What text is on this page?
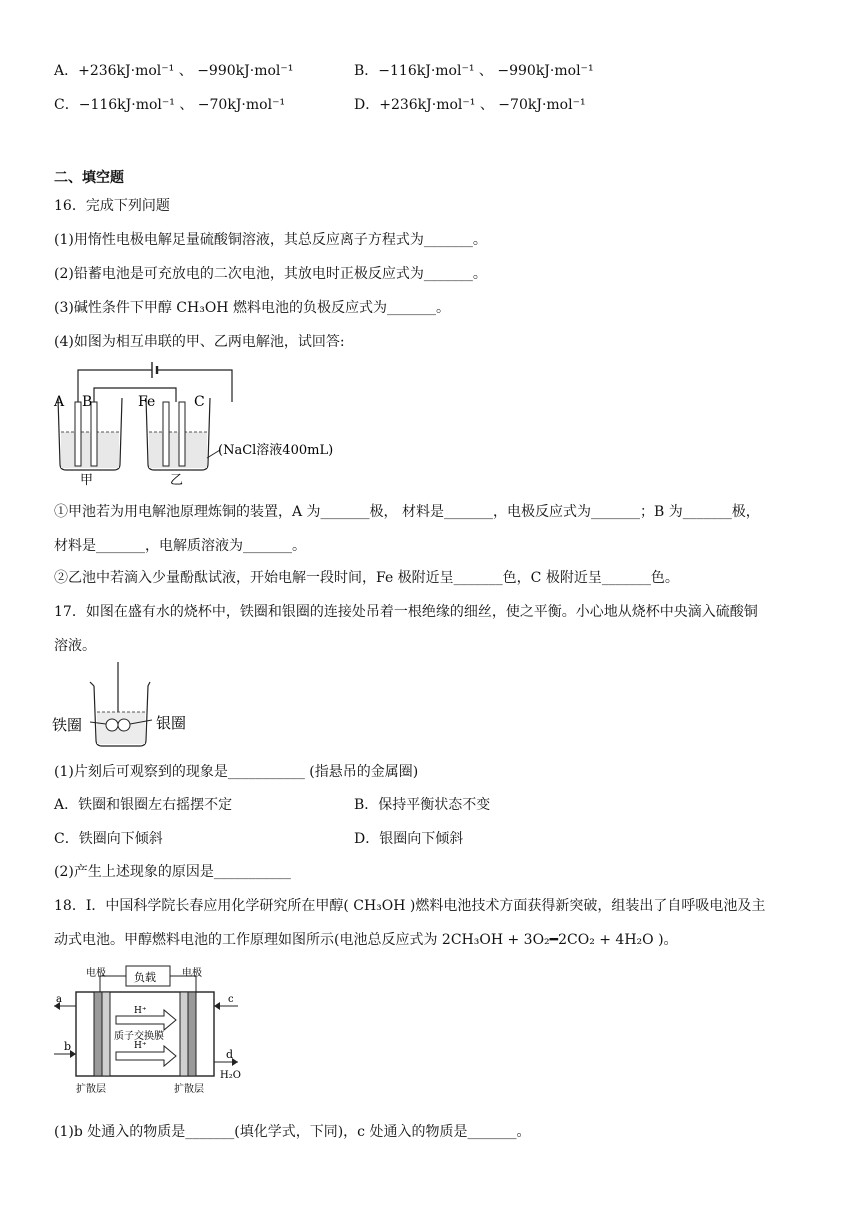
A．+236kJ·mol⁻¹ 、 −990kJ·mol⁻¹	B．−116kJ·mol⁻¹ 、 −990kJ·mol⁻¹
C．−116kJ·mol⁻¹ 、 −70kJ·mol⁻¹	D．+236kJ·mol⁻¹ 、 −70kJ·mol⁻¹
二、填空题
16．完成下列问题
(1)用惰性电极电解足量硫酸铜溶液，其总反应离子方程式为_______。
(2)铅蓄电池是可充放电的二次电池，其放电时正极反应式为_______。
(3)碱性条件下甲醇 CH₃OH 燃料电池的负极反应式为_______。
(4)如图为相互串联的甲、乙两电解池，试回答:
A B	Fe	C
甲	乙
(NaCl溶液400mL)
①甲池若为用电解池原理炼铜的装置，A 为_______极， 材料是_______，电极反应式为_______；B 为_______极，
材料是_______，电解质溶液为_______。
②乙池中若滴入少量酚酞试液，开始电解一段时间，Fe 极附近呈_______色，C 极附近呈_______色。
17．如图在盛有水的烧杯中，铁圈和银圈的连接处吊着一根绝缘的细丝，使之平衡。小心地从烧杯中央滴入硫酸铜
溶液。
铁圈	银圈
(1)片刻后可观察到的现象是___________ (指悬吊的金属圈)
A．铁圈和银圈左右摇摆不定	B．保持平衡状态不变
C．铁圈向下倾斜	D．银圈向下倾斜
(2)产生上述现象的原因是___________
18．I．中国科学院长春应用化学研究所在甲醇( CH₃OH )燃料电池技术方面获得新突破，组装出了自呼吸电池及主
动式电池。甲醇燃料电池的工作原理如图所示(电池总反应式为 2CH₃OH + 3O₂━2CO₂ + 4H₂O )。
电极	负载	电极
a
b
c
d
H⁺
H⁺
质子交换膜
扩散层	扩散层
H₂O
(1)b 处通入的物质是_______(填化学式，下同)，c 处通入的物质是_______。
